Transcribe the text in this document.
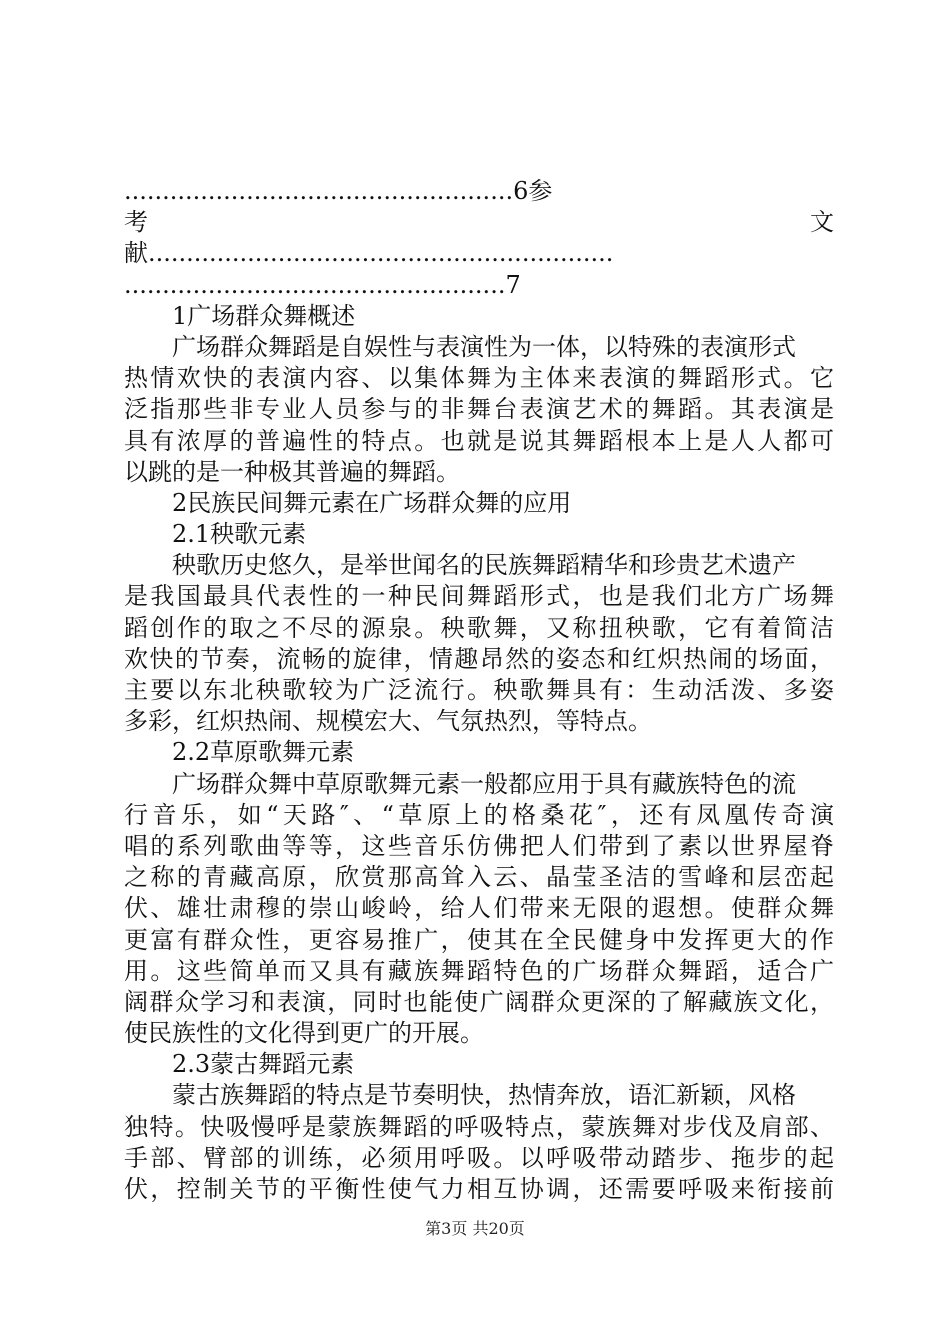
...................................................6参
考	文
献.............................................................
..................................................7
1广场群众舞概述
广场群众舞蹈是自娱性与表演性为一体，以特殊的表演形式
热情欢快的表演内容、以集体舞为主体来表演的舞蹈形式。它
泛指那些非专业人员参与的非舞台表演艺术的舞蹈。其表演是
具有浓厚的普遍性的特点。也就是说其舞蹈根本上是人人都可
以跳的是一种极其普遍的舞蹈。
2民族民间舞元素在广场群众舞的应用
2.1秧歌元素
秧歌历史悠久，是举世闻名的民族舞蹈精华和珍贵艺术遗产
是我国最具代表性的一种民间舞蹈形式，也是我们北方广场舞
蹈创作的取之不尽的源泉。秧歌舞，又称扭秧歌，它有着简洁
欢快的节奏，流畅的旋律，情趣昂然的姿态和红炽热闹的场面，
主要以东北秧歌较为广泛流行。秧歌舞具有：生动活泼、多姿
多彩，红炽热闹、规模宏大、气氛热烈，等特点。
2.2草原歌舞元素
广场群众舞中草原歌舞元素一般都应用于具有藏族特色的流
行音乐，如“天路″、“草原上的格桑花″，还有凤凰传奇演
唱的系列歌曲等等，这些音乐仿佛把人们带到了素以世界屋脊
之称的青藏高原，欣赏那高耸入云、晶莹圣洁的雪峰和层峦起
伏、雄壮肃穆的崇山峻岭，给人们带来无限的遐想。使群众舞
更富有群众性，更容易推广，使其在全民健身中发挥更大的作
用。这些简单而又具有藏族舞蹈特色的广场群众舞蹈，适合广
阔群众学习和表演，同时也能使广阔群众更深的了解藏族文化，
使民族性的文化得到更广的开展。
2.3蒙古舞蹈元素
蒙古族舞蹈的特点是节奏明快，热情奔放，语汇新颖，风格
独特。快吸慢呼是蒙族舞蹈的呼吸特点，蒙族舞对步伐及肩部、
手部、臂部的训练，必须用呼吸。以呼吸带动踏步、拖步的起
伏，控制关节的平衡性使气力相互协调，还需要呼吸来衔接前
第3页 共20页
